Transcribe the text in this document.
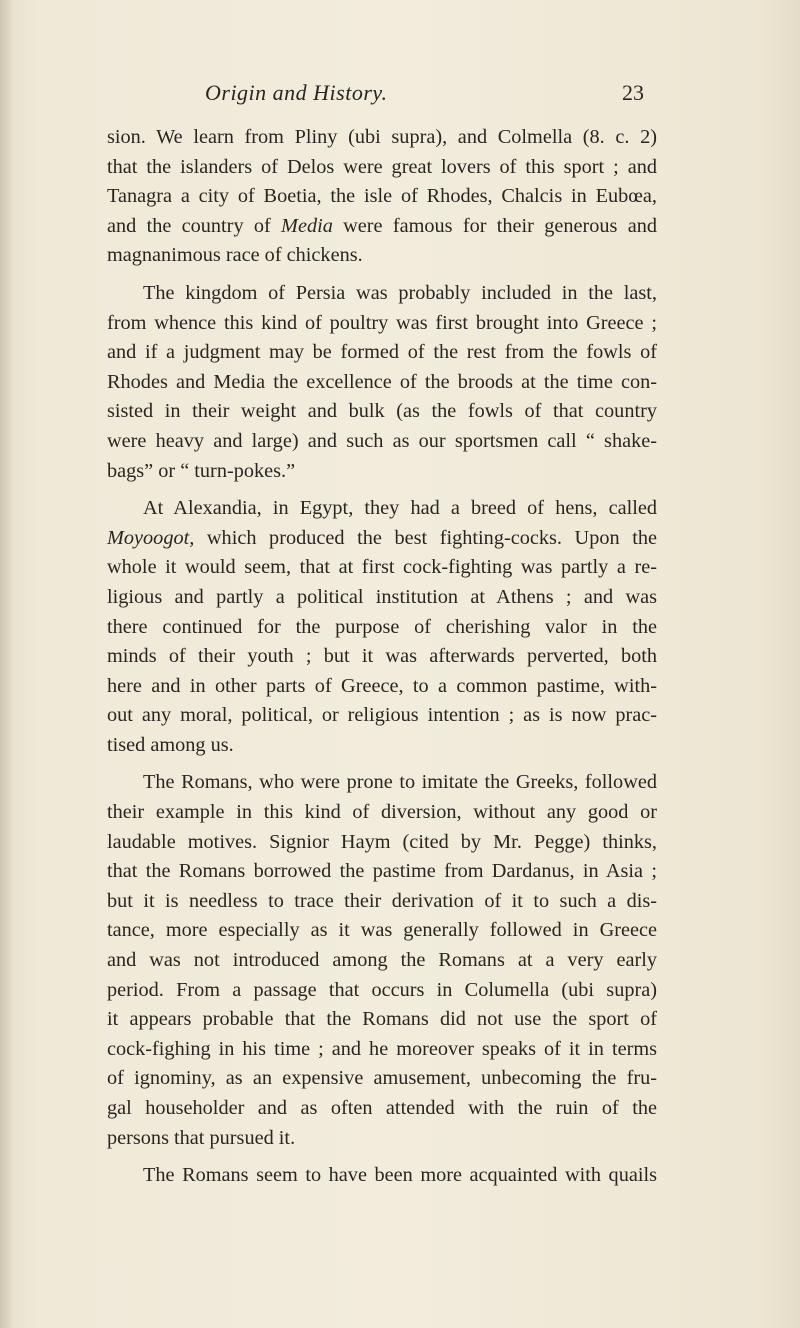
Origin and History.	23
sion. We learn from Pliny (ubi supra), and Colmella (8. c. 2)
that the islanders of Delos were great lovers of this sport ; and
Tanagra a city of Boetia, the isle of Rhodes, Chalcis in Eubœa,
and the country of Media were famous for their generous and
magnanimous race of chickens.
The kingdom of Persia was probably included in the last,
from whence this kind of poultry was first brought into Greece ;
and if a judgment may be formed of the rest from the fowls of
Rhodes and Media the excellence of the broods at the time con-
sisted in their weight and bulk (as the fowls of that country
were heavy and large) and such as our sportsmen call “ shake-
bags” or “ turn-pokes.”
At Alexandia, in Egypt, they had a breed of hens, called
Moyoogot, which produced the best fighting-cocks. Upon the
whole it would seem, that at first cock-fighting was partly a re-
ligious and partly a political institution at Athens ; and was
there continued for the purpose of cherishing valor in the
minds of their youth ; but it was afterwards perverted, both
here and in other parts of Greece, to a common pastime, with-
out any moral, political, or religious intention ; as is now prac-
tised among us.
The Romans, who were prone to imitate the Greeks, followed
their example in this kind of diversion, without any good or
laudable motives. Signior Haym (cited by Mr. Pegge) thinks,
that the Romans borrowed the pastime from Dardanus, in Asia ;
but it is needless to trace their derivation of it to such a dis-
tance, more especially as it was generally followed in Greece
and was not introduced among the Romans at a very early
period. From a passage that occurs in Columella (ubi supra)
it appears probable that the Romans did not use the sport of
cock-fighing in his time ; and he moreover speaks of it in terms
of ignominy, as an expensive amusement, unbecoming the fru-
gal householder and as often attended with the ruin of the
persons that pursued it.
The Romans seem to have been more acquainted with quails
